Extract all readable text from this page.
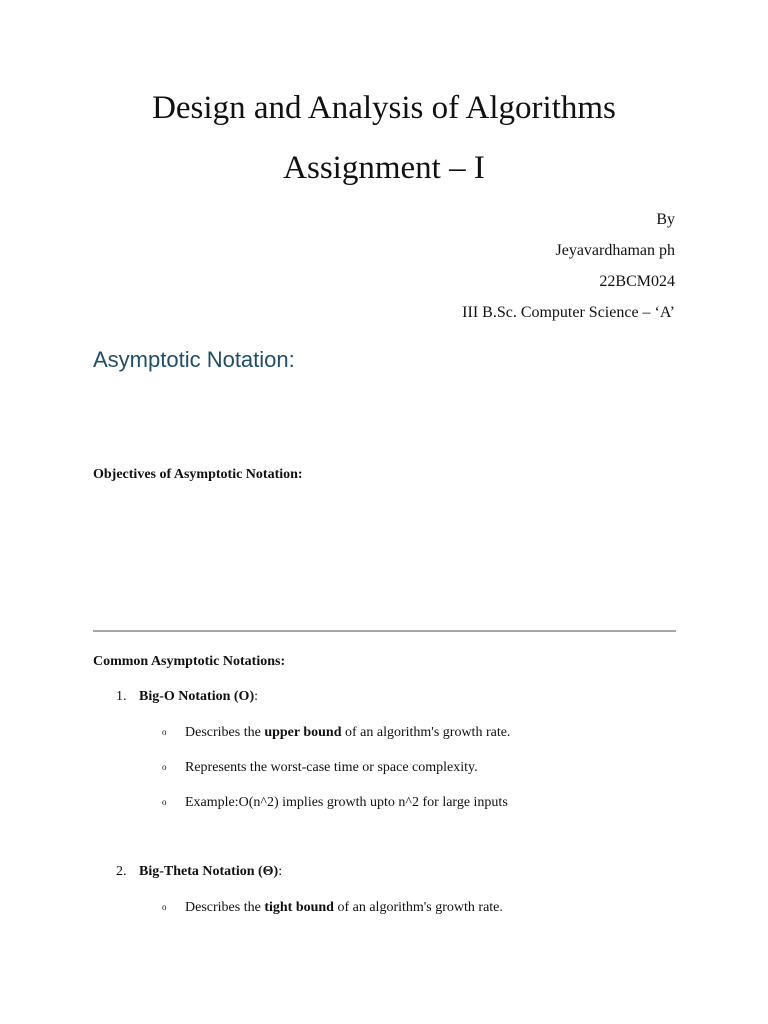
Design and Analysis of Algorithms
Assignment – I
By
Jeyavardhaman ph
22BCM024
III B.Sc. Computer Science – ‘A’
Asymptotic Notation:
Objectives of Asymptotic Notation:
Common Asymptotic Notations:
1. Big-O Notation (O):
o Describes the upper bound of an algorithm's growth rate.
o Represents the worst-case time or space complexity.
o Example:O(n^2) implies growth upto n^2 for large inputs
2. Big-Theta Notation (Θ):
o Describes the tight bound of an algorithm's growth rate.
